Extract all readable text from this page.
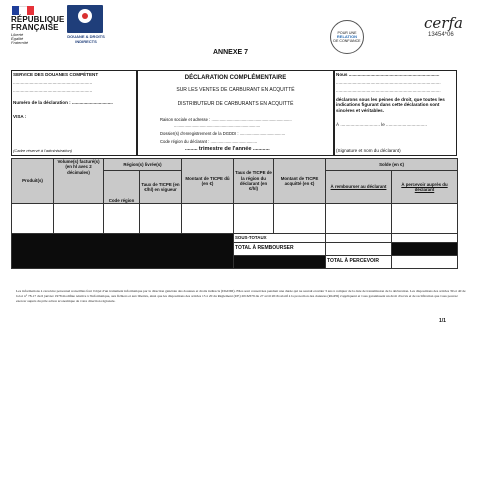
RÉPUBLIQUE
FRANÇAISE
Liberté
Égalité
Fraternité
DOUANE & DROITS
INDIRECTS
POUR UNE
RELATION
DE CONFIANCE
cerfa
13454*06
ANNEXE 7
SERVICE DES DOUANES COMPÉTENT
..............................................................
..............................................................
Numéro de la déclaration : ................................
VISA :
(Cadre réservé à l'administration)
DÉCLARATION COMPLÉMENTAIRE
SUR LES VENTES DE CARBURANT EN ACQUITTÉ
DISTRIBUTEUR DE CARBURANTS EN ACQUITTÉ
Raison sociale et adresse : .....................................................................
..........................................................................
Dossier(s) d'enregistrement de la DGDDI : .......................................
Code région du déclarant : ........................................
......... trimestre de l'année ............
Nous .......................................................................
..................................................................................
..................................................................................
déclarons sous les peines de droit, que toutes les indications figurant dans cette déclaration sont sincères et véritables.
À ............................... le ................................
(Signature et nom du déclarant)
Produit(s)	Volume(s) facturé(s) (en hl avec 2 décimales)	Région(s) livrée(s)		Montant de TICPE dû (en €)	Taux de TICPE de la région du déclarant (en €/hl)	Montant de TICPE acquitté (en €)	Solde (en €)	
		Code région	Taux de TICPE (en €/hl) en vigueur				À rembourser au déclarant	À percevoir auprès du déclarant

					SOUS-TOTAUX			
					TOTAL À REMBOURSER			
							TOTAL À PERCEVOIR	
Les informations à caractère personnel recueillies font l'objet d'un traitement informatique par la direction générale des douanes et droits indirects (DGDDI). Elles sont conservées pendant une durée qui ne saurait excéder 3 ans à compter de la date de transmission de la déclaration. Les dispositions des articles 39 et 40 de la loi n° 78-17 du 6 janvier 1978 modifiée relative à l'informatique, aux fichiers et aux libertés, ainsi que les dispositions des articles 15 à 20 du Règlement (UE) 2016/679 du 27 avril 2016 relatif à la protection des données (RGPD) s'appliquent et vous garantissent un droit d'accès et de rectification que vous pouvez exercer auprès du pôle action économique de votre direction régionale.
1/1
